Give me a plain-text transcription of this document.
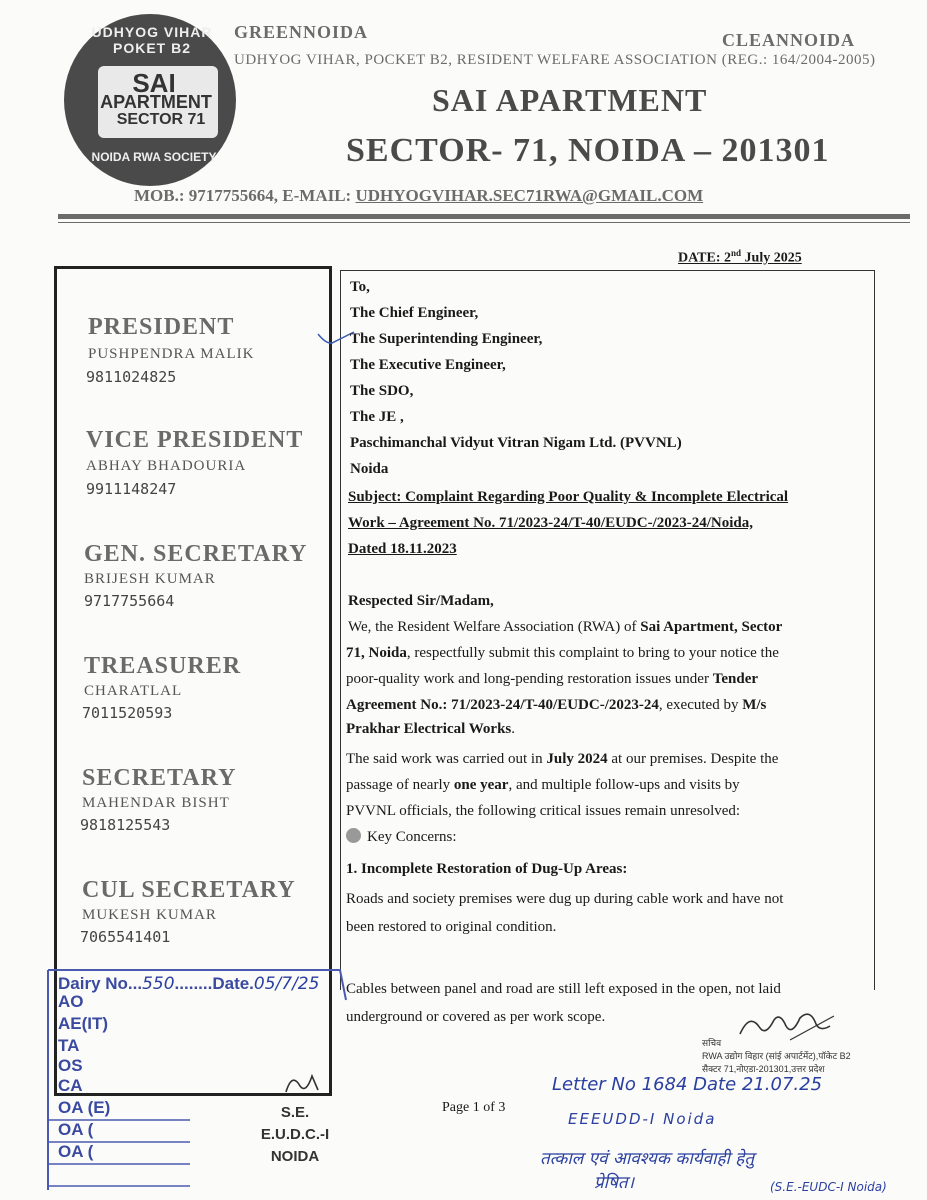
UDHYOG VIHAR POKET B2
SAI
APARTMENT
SECTOR 71
NOIDA RWA SOCIETY
GREENNOIDA	CLEANNOIDA
UDHYOG VIHAR, POCKET B2, RESIDENT WELFARE ASSOCIATION (REG.: 164/2004-2005)
SAI APARTMENT
SECTOR- 71, NOIDA – 201301
MOB.: 9717755664, E-MAIL: UDHYOGVIHAR.SEC71RWA@GMAIL.COM
DATE: 2nd July 2025
PRESIDENT
PUSHPENDRA MALIK
9811024825
VICE PRESIDENT
ABHAY BHADOURIA
9911148247
GEN. SECRETARY
BRIJESH KUMAR
9717755664
TREASURER
CHARATLAL
7011520593
SECRETARY
MAHENDAR BISHT
9818125543
CUL SECRETARY
MUKESH KUMAR
7065541401
To,
The Chief Engineer,
The Superintending Engineer,
The Executive Engineer,
The SDO,
The JE ,
Paschimanchal Vidyut Vitran Nigam Ltd. (PVVNL)
Noida
Subject: Complaint Regarding Poor Quality & Incomplete Electrical
Work – Agreement No. 71/2023-24/T-40/EUDC-/2023-24/Noida,
Dated 18.11.2023
Respected Sir/Madam,
We, the Resident Welfare Association (RWA) of Sai Apartment, Sector
71, Noida, respectfully submit this complaint to bring to your notice the
poor-quality work and long-pending restoration issues under Tender
Agreement No.: 71/2023-24/T-40/EUDC-/2023-24, executed by M/s
Prakhar Electrical Works.
The said work was carried out in July 2024 at our premises. Despite the
passage of nearly one year, and multiple follow-ups and visits by
PVVNL officials, the following critical issues remain unresolved:
Key Concerns:
1. Incomplete Restoration of Dug-Up Areas:
Roads and society premises were dug up during cable work and have not
been restored to original condition.
Cables between panel and road are still left exposed in the open, not laid
underground or covered as per work scope.
सचिव
RWA उद्योग विहार (सांई अपार्टमेंट),पॉकेट B2
सैक्टर 71,नोएडा-201301,उत्तर प्रदेश
Dairy No...550........Date.05/7/25
AO
AE(IT)
TA
OS
CA
OA (E)
OA (
OA (
S.E.
E.U.D.C.-I
NOIDA
Page 1 of 3
Letter No 1684 Date 21.07.25
EEEUDD-I Noida
तत्काल एवं आवश्यक कार्यवाही हेतु
प्रेषित।	(S.E.-EUDC-I Noida)
